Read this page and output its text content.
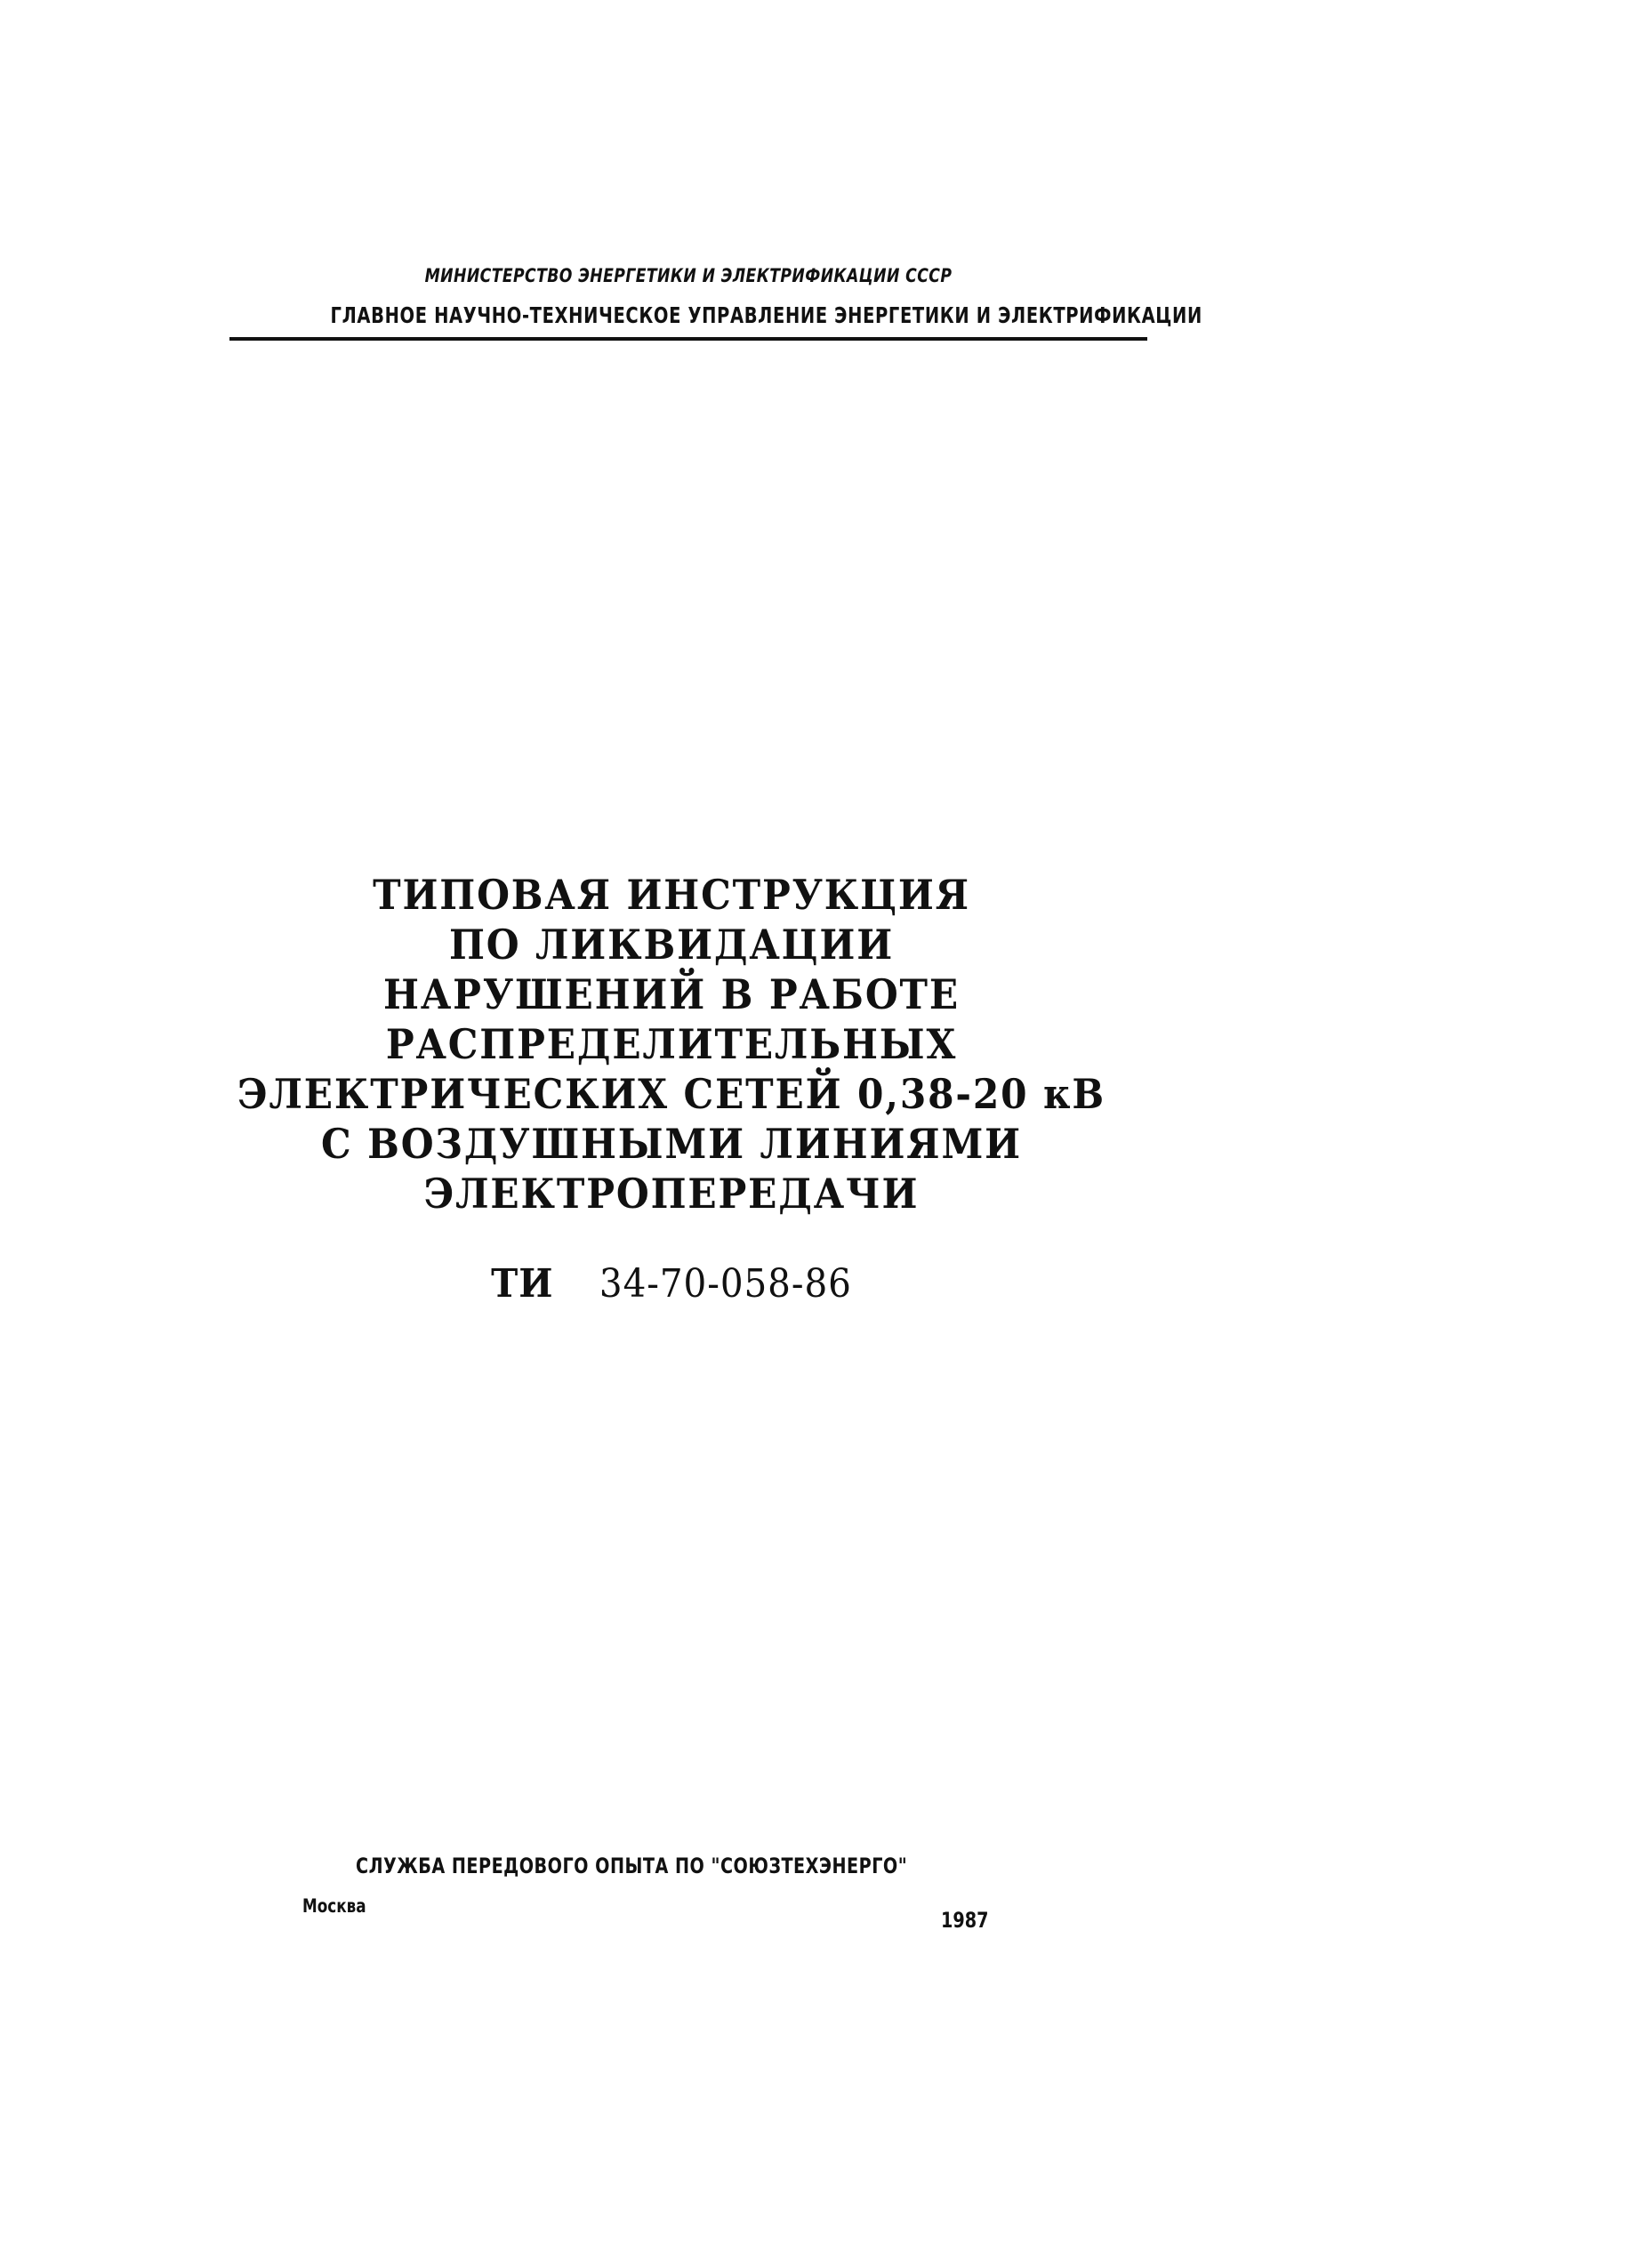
МИНИСТЕРСТВО ЭНЕРГЕТИКИ И ЭЛЕКТРИФИКАЦИИ СССР

ГЛАВНОЕ НАУЧНО-ТЕХНИЧЕСКОЕ УПРАВЛЕНИЕ ЭНЕРГЕТИКИ И ЭЛЕКТРИФИКАЦИИ

ТИПОВАЯ ИНСТРУКЦИЯ

ПО ЛИКВИДАЦИИ

НАРУШЕНИЙ В РАБОТЕ

РАСПРЕДЕЛИТЕЛЬНЫХ

ЭЛЕКТРИЧЕСКИХ СЕТЕЙ 0,38-20 кВ

С ВОЗДУШНЫМИ ЛИНИЯМИ

ЭЛЕКТРОПЕРЕДАЧИ

ТИ 34-70-058-86
СЛУЖБА ПЕРЕДОВОГО ОПЫТА ПО "СОЮЗТЕХЭНЕРГО"
Москва
1987
